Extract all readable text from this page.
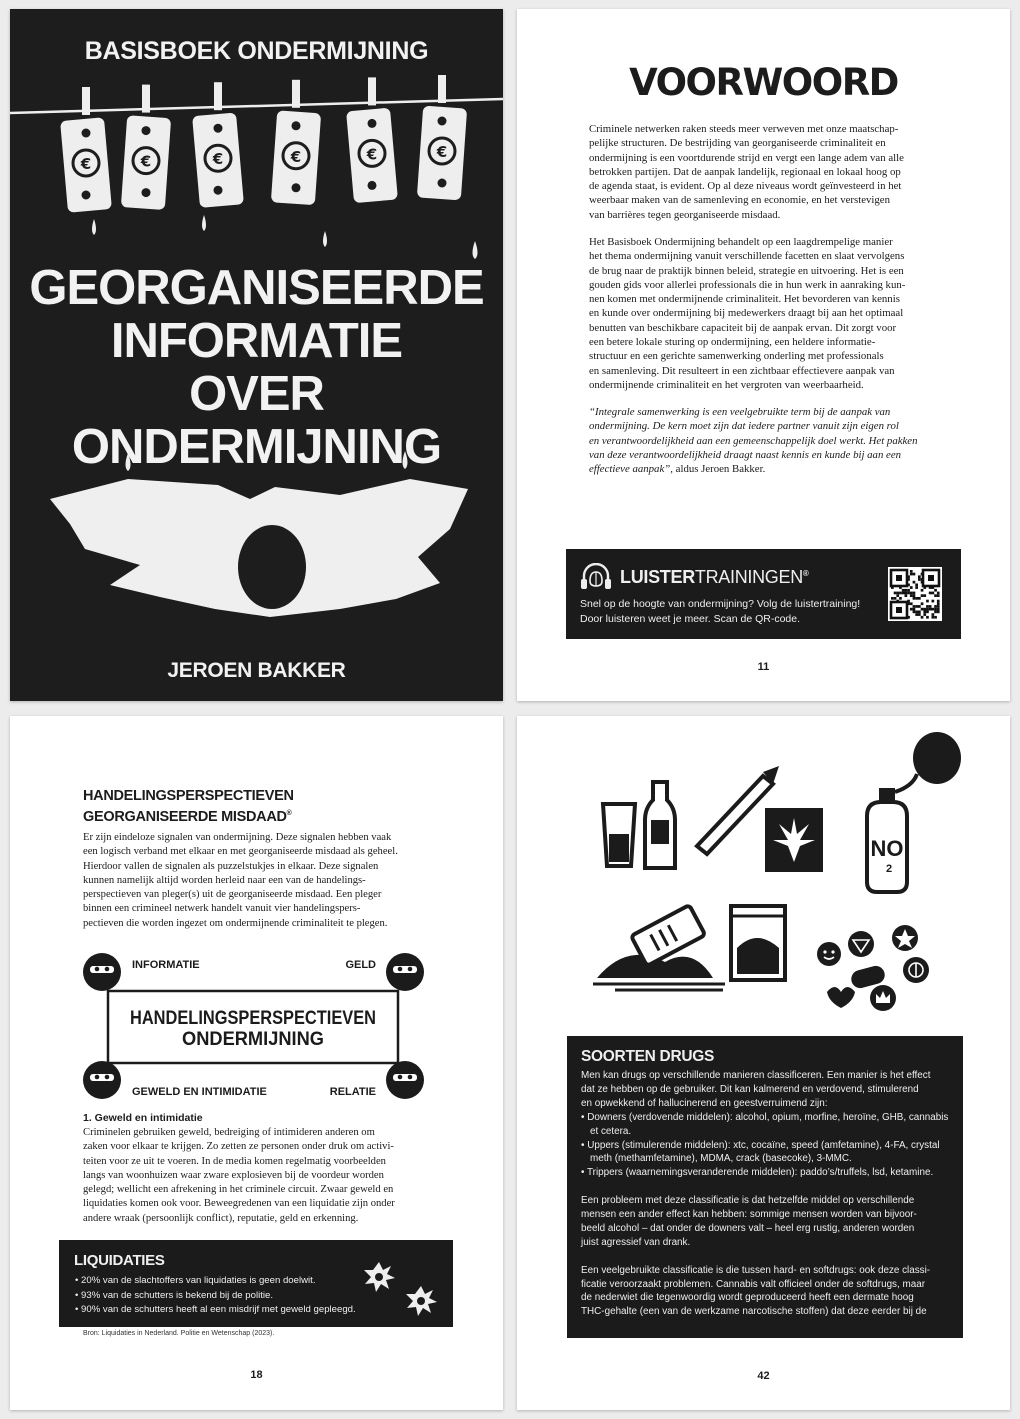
BASISBOEK ONDERMIJNING
€	€	€	€	€	€
GEORGANISEERDE
INFORMATIE
OVER ONDERMIJNING
JEROEN BAKKER
VOORWOORD
Criminele netwerken raken steeds meer verweven met onze maatschap-
pelijke structuren. De bestrijding van georganiseerde criminaliteit en
ondermijning is een voortdurende strijd en vergt een lange adem van alle
betrokken partijen. Dat de aanpak landelijk, regionaal en lokaal hoog op
de agenda staat, is evident. Op al deze niveaus wordt geïnvesteerd in het
weerbaar maken van de samenleving en economie, en het verstevigen
van barrières tegen georganiseerde misdaad.
Het Basisboek Ondermijning behandelt op een laagdrempelige manier
het thema ondermijning vanuit verschillende facetten en slaat vervolgens
de brug naar de praktijk binnen beleid, strategie en uitvoering. Het is een
gouden gids voor allerlei professionals die in hun werk in aanraking kun-
nen komen met ondermijnende criminaliteit. Het bevorderen van kennis
en kunde over ondermijning bij medewerkers draagt bij aan het optimaal
benutten van beschikbare capaciteit bij de aanpak ervan. Dit zorgt voor
een betere lokale sturing op ondermijning, een heldere informatie-
structuur en een gerichte samenwerking onderling met professionals
en samenleving. Dit resulteert in een zichtbaar effectievere aanpak van
ondermijnende criminaliteit en het vergroten van weerbaarheid.
“Integrale samenwerking is een veelgebruikte term bij de aanpak van
ondermijning. De kern moet zijn dat iedere partner vanuit zijn eigen rol
en verantwoordelijkheid aan een gemeenschappelijk doel werkt. Het pakken
van deze verantwoordelijkheid draagt naast kennis en kunde bij aan een
effectieve aanpak”, aldus Jeroen Bakker.
LUISTERTRAININGEN®
Snel op de hoogte van ondermijning? Volg de luistertraining!
Door luisteren weet je meer. Scan de QR-code.
11
HANDELINGSPERSPECTIEVEN
GEORGANISEERDE MISDAAD®
Er zijn eindeloze signalen van ondermijning. Deze signalen hebben vaak
een logisch verband met elkaar en met georganiseerde misdaad als geheel.
Hierdoor vallen de signalen als puzzelstukjes in elkaar. Deze signalen
kunnen namelijk altijd worden herleid naar een van de handelings-
perspectieven van pleger(s) uit de georganiseerde misdaad. Een pleger
binnen een crimineel netwerk handelt vanuit vier handelingspers-
pectieven die worden ingezet om ondermijnende criminaliteit te plegen.
INFORMATIE	GELD
GEWELD EN INTIMIDATIE	RELATIE
HANDELINGSPERSPECTIEVEN
ONDERMIJNING
1. Geweld en intimidatie
Criminelen gebruiken geweld, bedreiging of intimideren anderen om
zaken voor elkaar te krijgen. Zo zetten ze personen onder druk om activi-
teiten voor ze uit te voeren. In de media komen regelmatig voorbeelden
langs van woonhuizen waar zware explosieven bij de voordeur worden
gelegd; wellicht een afrekening in het criminele circuit. Zwaar geweld en
liquidaties komen ook voor. Beweegredenen van een liquidatie zijn onder
andere wraak (persoonlijk conflict), reputatie, geld en erkenning.
LIQUIDATIES
• 20% van de slachtoffers van liquidaties is geen doelwit.
• 93% van de schutters is bekend bij de politie.
• 90% van de schutters heeft al een misdrijf met geweld gepleegd.
Bron: Liquidaties in Nederland. Politie en Wetenschap (2023).
18
NO
2
SOORTEN DRUGS
Men kan drugs op verschillende manieren classificeren. Een manier is het effect
dat ze hebben op de gebruiker. Dit kan kalmerend en verdovend, stimulerend
en opwekkend of hallucinerend en geestverruimend zijn:
• Downers (verdovende middelen): alcohol, opium, morfine, heroïne, GHB, cannabis et cetera.
• Uppers (stimulerende middelen): xtc, cocaïne, speed (amfetamine), 4-FA, crystal meth (methamfetamine), MDMA, crack (basecoke), 3-MMC.
• Trippers (waarnemingsveranderende middelen): paddo’s/truffels, lsd, ketamine.
Een probleem met deze classificatie is dat hetzelfde middel op verschillende
mensen een ander effect kan hebben: sommige mensen worden van bijvoor-
beeld alcohol – dat onder de downers valt – heel erg rustig, anderen worden
juist agressief van drank.
Een veelgebruikte classificatie is die tussen hard- en softdrugs: ook deze classi-
ficatie veroorzaakt problemen. Cannabis valt officieel onder de softdrugs, maar
de nederwiet die tegenwoordig wordt geproduceerd heeft een dermate hoog
THC-gehalte (een van de werkzame narcotische stoffen) dat deze eerder bij de
42
